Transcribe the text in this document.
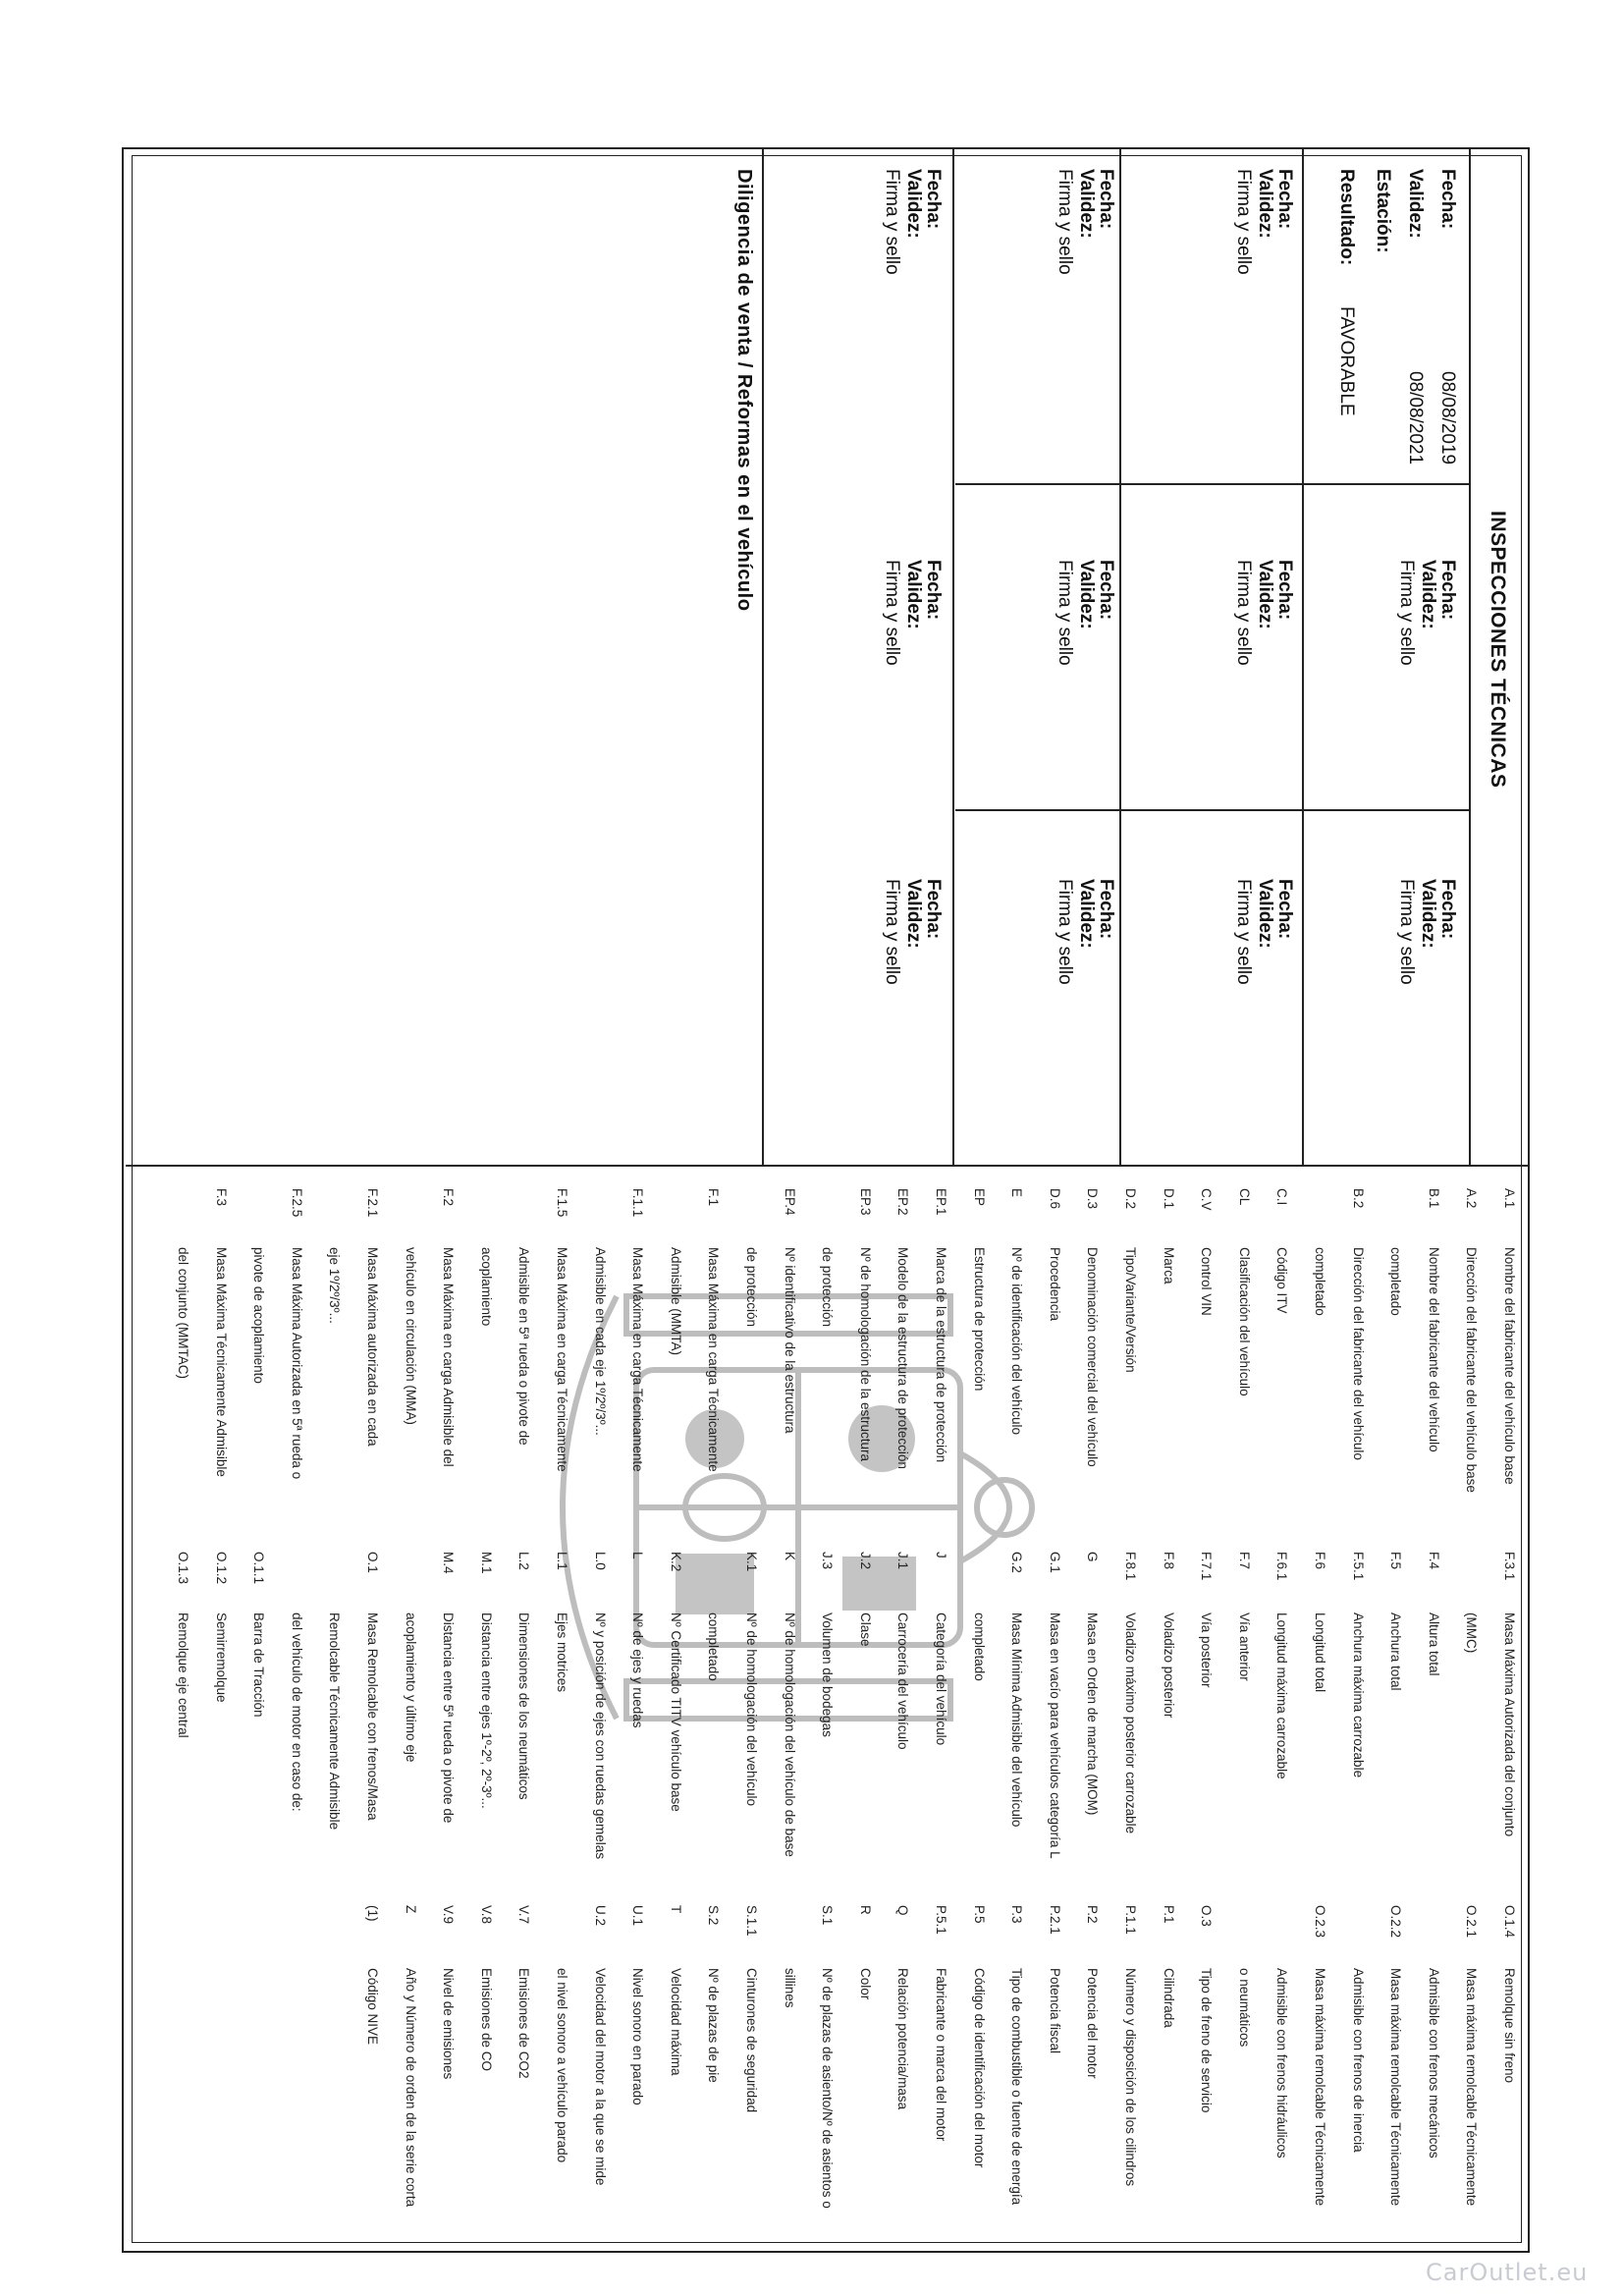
INSPECCIONES TÉCNICAS
Fecha:
08/08/2019
Validez:
08/08/2021
Estación:
Resultado:
FAVORABLE
Fecha:
Validez:
Firma y sello
Fecha:
Validez:
Firma y sello
Fecha:
Validez:
Firma y sello
Fecha:
Validez:
Firma y sello
Fecha:
Validez:
Firma y sello
Fecha:
Validez:
Firma y sello
Fecha:
Validez:
Firma y sello
Fecha:
Validez:
Firma y sello
Fecha:
Validez:
Firma y sello
Fecha:
Validez:
Firma y sello
Fecha:
Validez:
Firma y sello
Diligencia de venta / Reformas en el vehículo
A.1
Nombre del fabricante del vehículo base
A.2
Dirección del fabricante del vehículo base
B.1
Nombre del fabricante del vehículo
completado
B.2
Dirección del fabricante del vehículo
completado
C.I
Código ITV
CL
Clasificación del vehículo
C.V
Control VIN
D.1
Marca
D.2
Tipo/Variante/Versión
D.3
Denominación comercial del vehículo
D.6
Procedencia
E
Nº de identificación del vehículo
EP
Estructura de protección
EP.1
Marca de la estructura de protección
EP.2
Modelo de la estructura de protección
EP.3
Nº de homologación de la estructura
de protección
EP.4
Nº identificativo de la estructura
de protección
F.1
Masa Máxima en carga Técnicamente
Admisible (MMTA)
F.1.1
Masa Máxima en carga Técnicamente
Admisible en cada eje 1º/2º/3º...
F.1.5
Masa Máxima en carga Técnicamente
Admisible en 5ª rueda o pivote de
acoplamiento
F.2
Masa Máxima en carga Admisible del
vehículo en circulación (MMA)
F.2.1
Masa Máxima autorizada en cada
eje 1º/2º/3º...
F.2.5
Masa Máxima Autorizada en 5ª rueda o
pivote de acoplamiento
F.3
Masa Máxima Técnicamente Admisible
del conjunto (MMTAC)
F.3.1
Masa Máxima Autorizada del conjunto
(MMC)
F.4
Altura total
F.5
Anchura total
F.5.1
Anchura máxima carrozable
F.6
Longitud total
F.6.1
Longitud máxima carrozable
F.7
Vía anterior
F.7.1
Vía posterior
F.8
Voladizo posterior
F.8.1
Voladizo máximo posterior carrozable
G
Masa en Orden de marcha (MOM)
G.1
Masa en vacío para vehículos categoría L
G.2
Masa Mínima Admisible del vehículo
completado
J
Categoría del vehículo
J.1
Carrocería del vehículo
J.2
Clase
J.3
Volumen de bodegas
K
Nº de homologación del vehículo de base
K.1
Nº de homologación del vehículo
completado
K.2
Nº Certificado TITV vehículo base
L
Nº de ejes y ruedas
L.0
Nº y posición de ejes con ruedas gemelas
L.1
Ejes motrices
L.2
Dimensiones de los neumáticos
M.1
Distancia entre ejes 1º-2º, 2º-3º...
M.4
Distancia entre 5ª rueda o pivote de
acoplamiento y último eje
O.1
Masa Remolcable con frenos/Masa
Remolcable Técnicamente Admisible
del vehículo de motor en caso de:
O.1.1
Barra de Tracción
O.1.2
Semirremolque
O.1.3
Remolque eje central
O.1.4
Remolque sin freno
O.2.1
Masa máxima remolcable Técnicamente
Admisible con frenos mecánicos
O.2.2
Masa máxima remolcable Técnicamente
Admisible con frenos de inercia
O.2.3
Masa máxima remolcable Técnicamente
Admisible con frenos hidráulicos
o neumáticos
O.3
Tipo de freno de servicio
P.1
Cilindrada
P.1.1
Número y disposición de los cilindros
P.2
Potencia del motor
P.2.1
Potencia fiscal
P.3
Tipo de combustible o fuente de energía
P.5
Código de identificación del motor
P.5.1
Fabricante o marca del motor
Q
Relación potencia/masa
R
Color
S.1
Nº de plazas de asiento/Nº de asientos o
sillines
S.1.1
Cinturones de seguridad
S.2
Nº de plazas de pie
T
Velocidad máxima
U.1
Nivel sonoro en parado
U.2
Velocidad del motor a la que se mide
el nivel sonoro a vehículo parado
V.7
Emisiones de CO2
V.8
Emisiones de CO
V.9
Nivel de emisiones
Z
Año y Número de orden de la serie corta
(1)
Código NIVE
CarOutlet.eu
